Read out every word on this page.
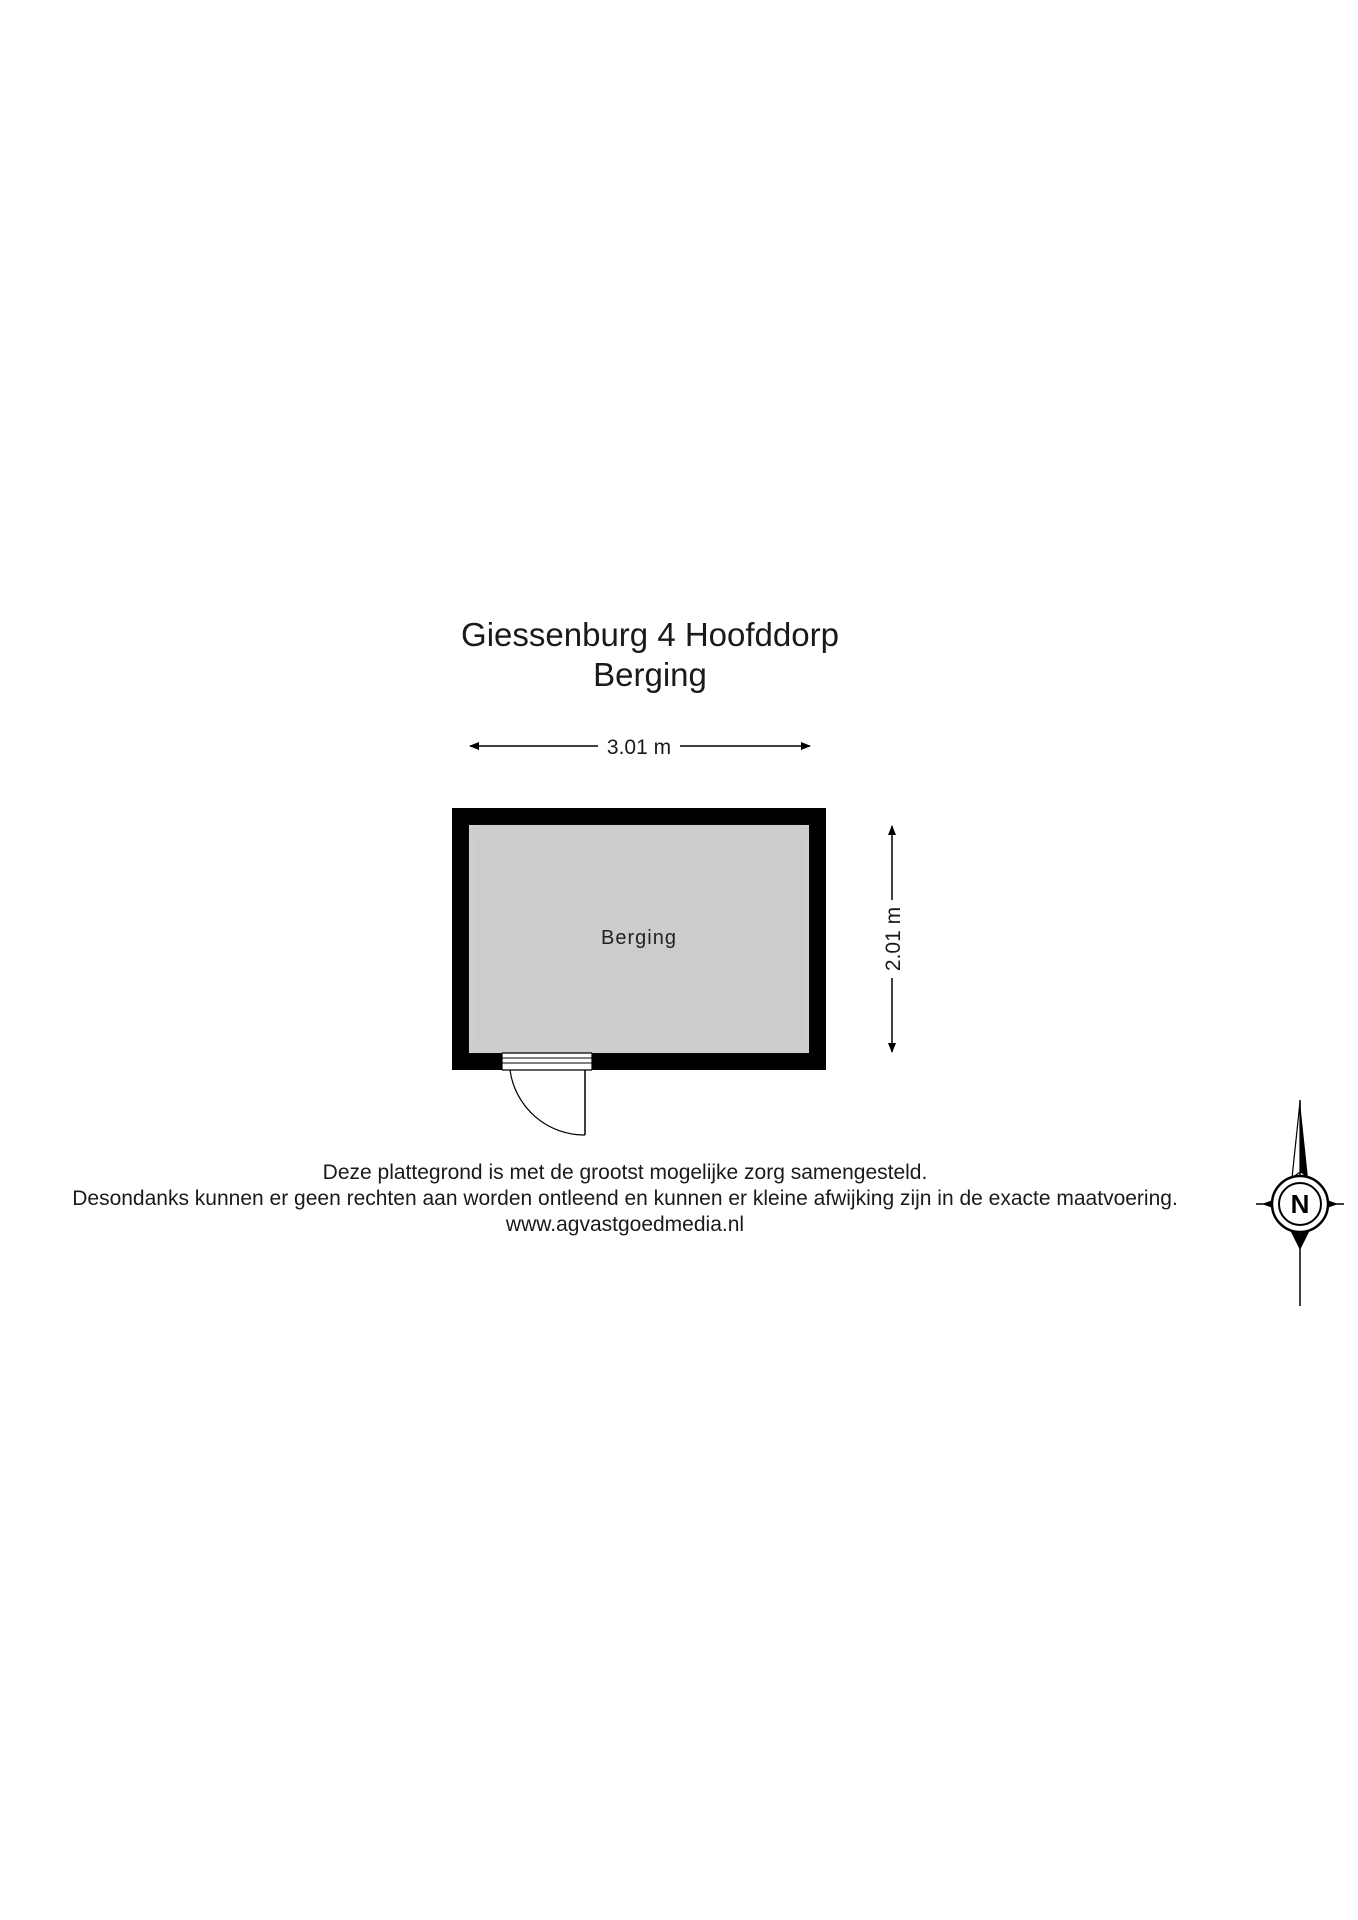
Giessenburg 4 Hoofddorp
Berging
3.01 m
2.01 m
Berging
N
Deze plattegrond is met de grootst mogelijke zorg samengesteld.
Desondanks kunnen er geen rechten aan worden ontleend en kunnen er kleine afwijking zijn in de exacte maatvoering.
www.agvastgoedmedia.nl
